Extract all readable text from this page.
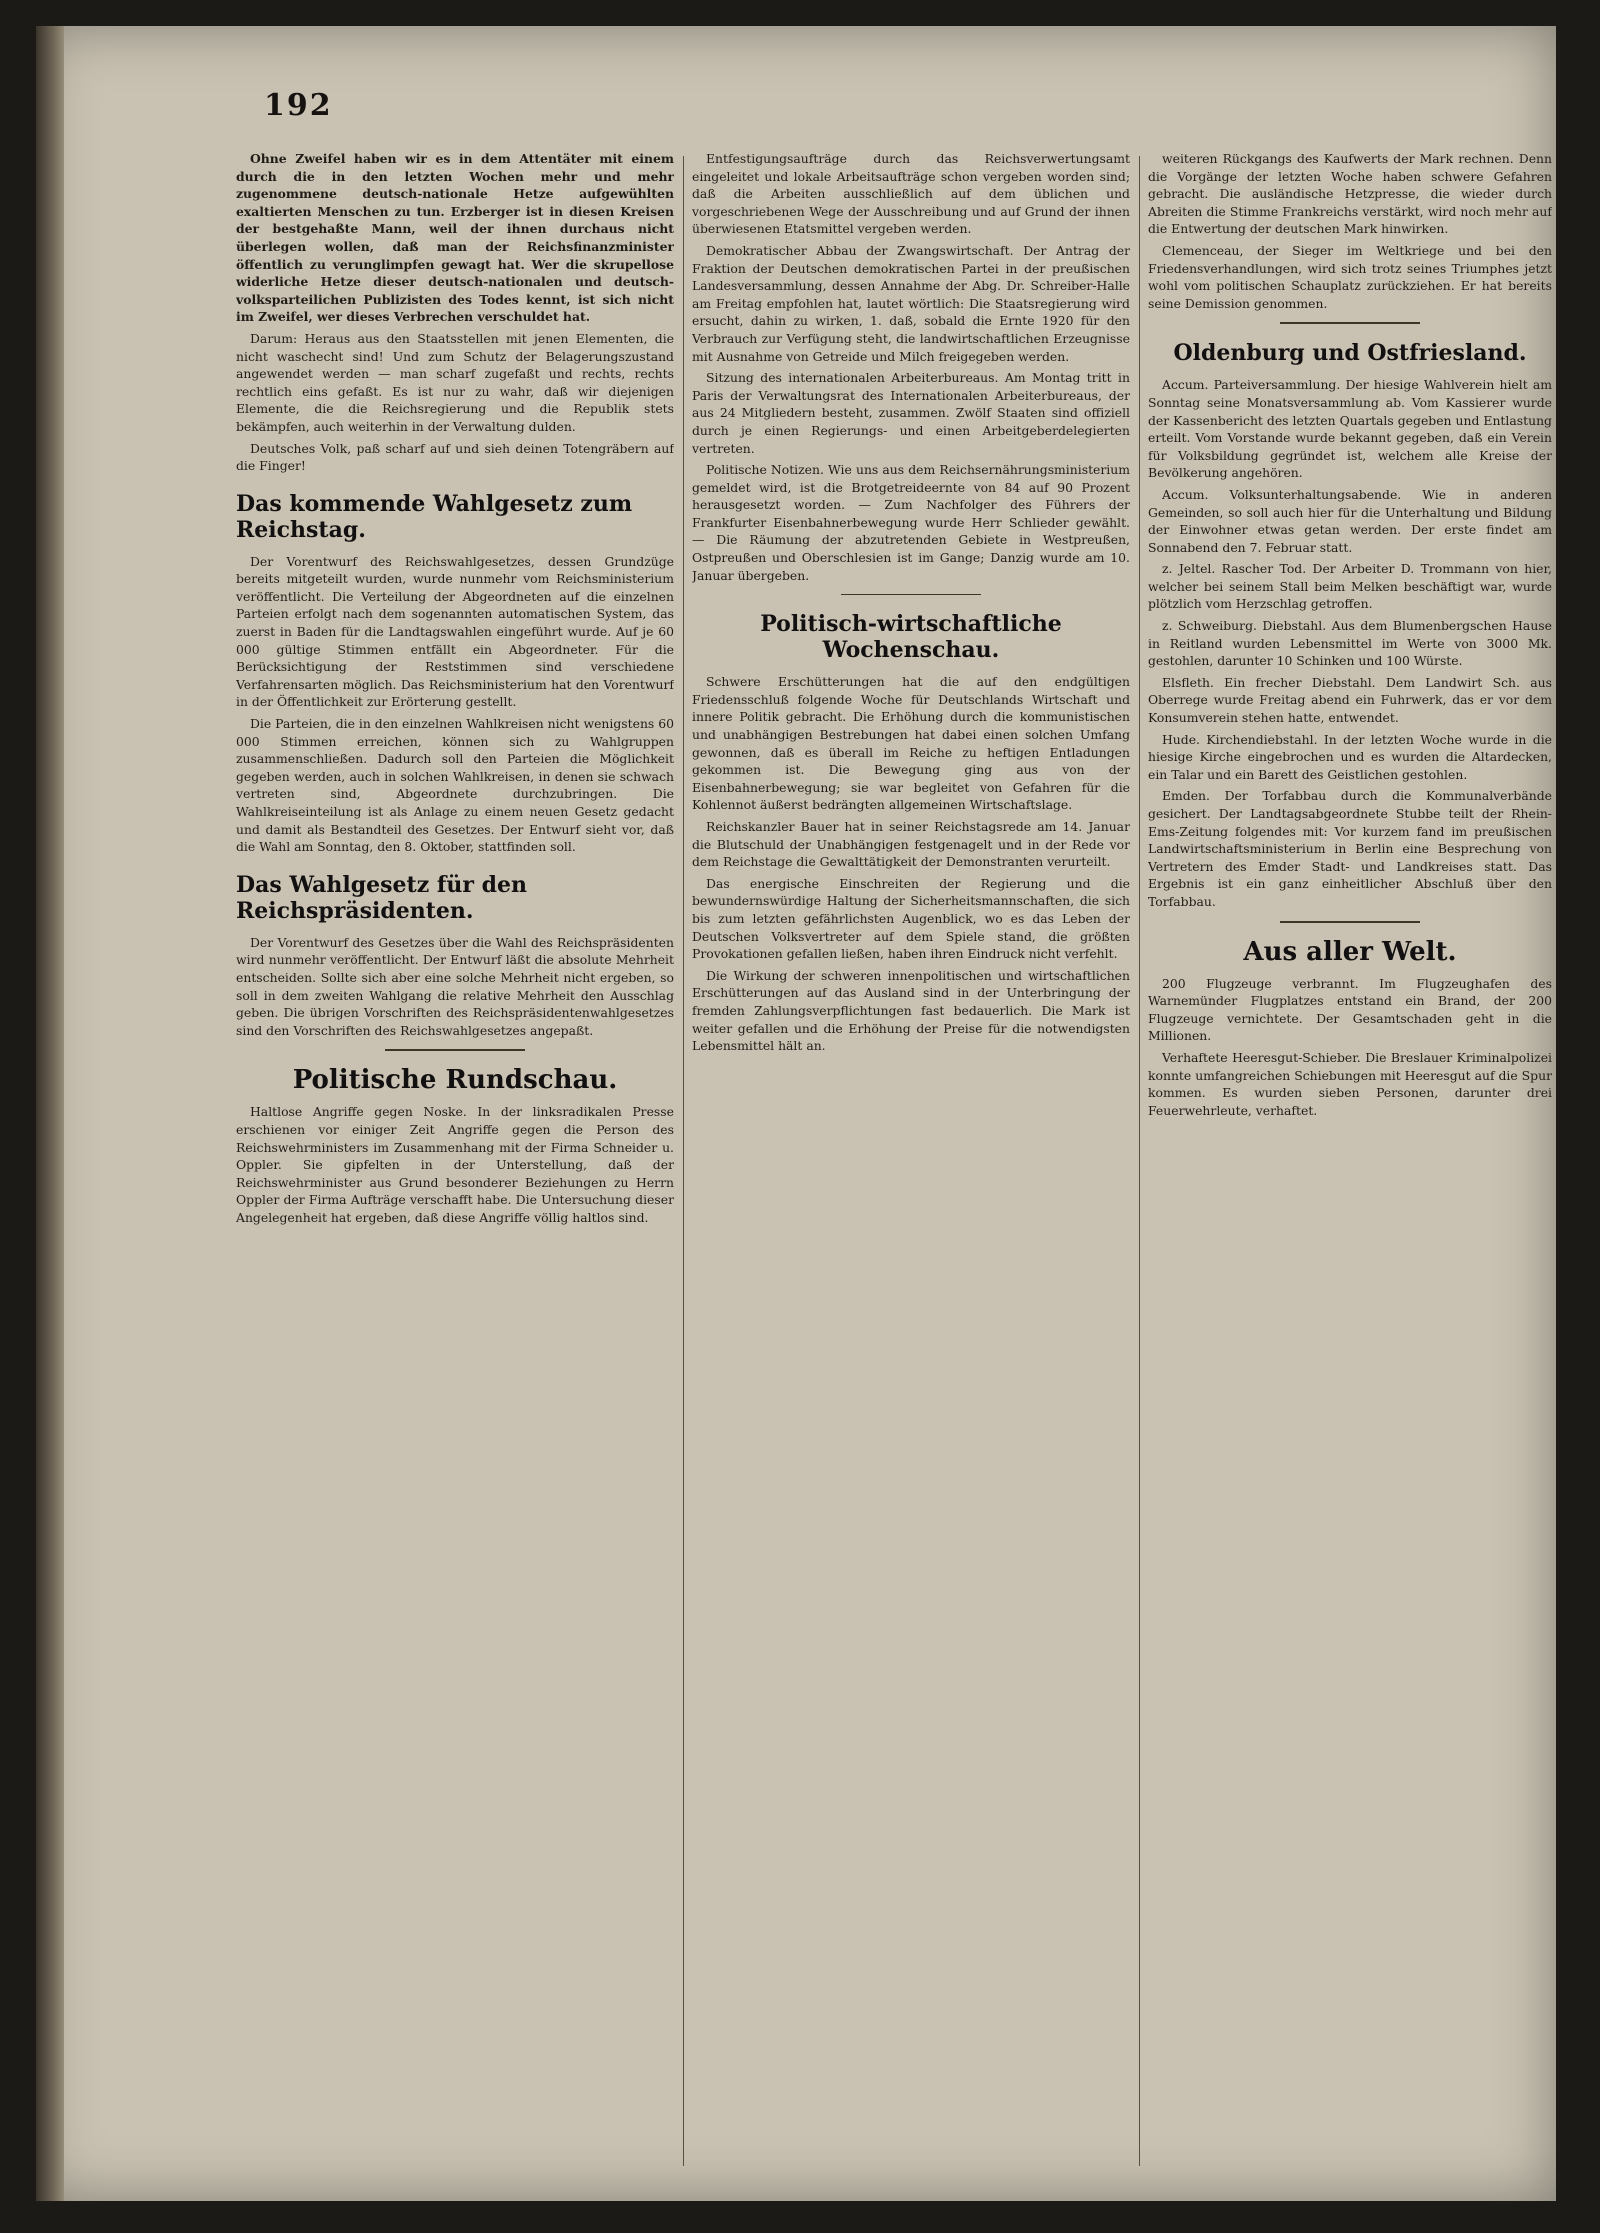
192

Ohne Zweifel haben wir es in dem Attentäter mit einem durch die in den letzten Wochen mehr und mehr zugenommene deutsch-nationale Hetze aufgewühlten exaltierten Menschen zu tun. Erzberger ist in diesen Kreisen der bestgehaßte Mann, weil der ihnen durchaus nicht überlegen wollen, daß man der Reichsfinanzminister öffentlich zu verunglimpfen gewagt hat. Wer die skrupellose widerliche Hetze dieser deutsch-nationalen und deutsch-volksparteilichen Publizisten des Todes kennt, ist sich nicht im Zweifel, wer dieses Verbrechen verschuldet hat.

Darum: Heraus aus den Staatsstellen mit jenen Elementen, die nicht waschecht sind! Und zum Schutz der Belagerungszustand angewendet werden — man scharf zugefaßt und rechts, rechts rechtlich eins gefaßt. Es ist nur zu wahr, daß wir diejenigen Elemente, die die Reichsregierung und die Republik stets bekämpfen, auch weiterhin in der Verwaltung dulden.

Deutsches Volk, paß scharf auf und sieh deinen Totengräbern auf die Finger!

Das kommende Wahlgesetz zum Reichstag.

Der Vorentwurf des Reichswahlgesetzes, dessen Grundzüge bereits mitgeteilt wurden, wurde nunmehr vom Reichsministerium veröffentlicht. Die Verteilung der Abgeordneten auf die einzelnen Parteien erfolgt nach dem sogenannten automatischen System, das zuerst in Baden für die Landtagswahlen eingeführt wurde. Auf je 60 000 gültige Stimmen entfällt ein Abgeordneter. Für die Berücksichtigung der Reststimmen sind verschiedene Verfahrensarten möglich. Das Reichsministerium hat den Vorentwurf in der Öffentlichkeit zur Erörterung gestellt.

Die Parteien, die in den einzelnen Wahlkreisen nicht wenigstens 60 000 Stimmen erreichen, können sich zu Wahlgruppen zusammenschließen. Dadurch soll den Parteien die Möglichkeit gegeben werden, auch in solchen Wahlkreisen, in denen sie schwach vertreten sind, Abgeordnete durchzubringen. Die Wahlkreiseinteilung ist als Anlage zu einem neuen Gesetz gedacht und damit als Bestandteil des Gesetzes. Der Entwurf sieht vor, daß die Wahl am Sonntag, den 8. Oktober, stattfinden soll.

Das Wahlgesetz für den Reichspräsidenten.

Der Vorentwurf des Gesetzes über die Wahl des Reichspräsidenten wird nunmehr veröffentlicht. Der Entwurf läßt die absolute Mehrheit entscheiden. Sollte sich aber eine solche Mehrheit nicht ergeben, so soll in dem zweiten Wahlgang die relative Mehrheit den Ausschlag geben. Die übrigen Vorschriften des Reichspräsidentenwahlgesetzes sind den Vorschriften des Reichswahlgesetzes angepaßt.

Politische Rundschau.

Haltlose Angriffe gegen Noske. In der linksradikalen Presse erschienen vor einiger Zeit Angriffe gegen die Person des Reichswehrministers im Zusammenhang mit der Firma Schneider u. Oppler. Sie gipfelten in der Unterstellung, daß der Reichswehrminister aus Grund besonderer Beziehungen zu Herrn Oppler der Firma Aufträge verschafft habe. Die Untersuchung dieser Angelegenheit hat ergeben, daß diese Angriffe völlig haltlos sind.

Entfestigungsaufträge durch das Reichsverwertungsamt eingeleitet und lokale Arbeitsaufträge schon vergeben worden sind; daß die Arbeiten ausschließlich auf dem üblichen und vorgeschriebenen Wege der Ausschreibung und auf Grund der ihnen überwiesenen Etatsmittel vergeben werden.

Demokratischer Abbau der Zwangswirtschaft. Der Antrag der Fraktion der Deutschen demokratischen Partei in der preußischen Landesversammlung, dessen Annahme der Abg. Dr. Schreiber-Halle am Freitag empfohlen hat, lautet wörtlich: Die Staatsregierung wird ersucht, dahin zu wirken, 1. daß, sobald die Ernte 1920 für den Verbrauch zur Verfügung steht, die landwirtschaftlichen Erzeugnisse mit Ausnahme von Getreide und Milch freigegeben werden.

Sitzung des internationalen Arbeiterbureaus. Am Montag tritt in Paris der Verwaltungsrat des Internationalen Arbeiterbureaus, der aus 24 Mitgliedern besteht, zusammen. Zwölf Staaten sind offiziell durch je einen Regierungs- und einen Arbeitgeberdelegierten vertreten.

Politische Notizen. Wie uns aus dem Reichsernährungsministerium gemeldet wird, ist die Brotgetreideernte von 84 auf 90 Prozent herausgesetzt worden. — Zum Nachfolger des Führers der Frankfurter Eisenbahnerbewegung wurde Herr Schlieder gewählt. — Die Räumung der abzutretenden Gebiete in Westpreußen, Ostpreußen und Oberschlesien ist im Gange; Danzig wurde am 10. Januar übergeben.

Politisch-wirtschaftliche Wochenschau.

Schwere Erschütterungen hat die auf den endgültigen Friedensschluß folgende Woche für Deutschlands Wirtschaft und innere Politik gebracht. Die Erhöhung durch die kommunistischen und unabhängigen Bestrebungen hat dabei einen solchen Umfang gewonnen, daß es überall im Reiche zu heftigen Entladungen gekommen ist. Die Bewegung ging aus von der Eisenbahnerbewegung; sie war begleitet von Gefahren für die Kohlennot äußerst bedrängten allgemeinen Wirtschaftslage.

Reichskanzler Bauer hat in seiner Reichstagsrede am 14. Januar die Blutschuld der Unabhängigen festgenagelt und in der Rede vor dem Reichstage die Gewalttätigkeit der Demonstranten verurteilt.

Das energische Einschreiten der Regierung und die bewundernswürdige Haltung der Sicherheitsmannschaften, die sich bis zum letzten gefährlichsten Augenblick, wo es das Leben der Deutschen Volksvertreter auf dem Spiele stand, die größten Provokationen gefallen ließen, haben ihren Eindruck nicht verfehlt.

Die Wirkung der schweren innenpolitischen und wirtschaftlichen Erschütterungen auf das Ausland sind in der Unterbringung der fremden Zahlungsverpflichtungen fast bedauerlich. Die Mark ist weiter gefallen und die Erhöhung der Preise für die notwendigsten Lebensmittel hält an.

weiteren Rückgangs des Kaufwerts der Mark rechnen. Denn die Vorgänge der letzten Woche haben schwere Gefahren gebracht. Die ausländische Hetzpresse, die wieder durch Abreiten die Stimme Frankreichs verstärkt, wird noch mehr auf die Entwertung der deutschen Mark hinwirken.

Clemenceau, der Sieger im Weltkriege und bei den Friedensverhandlungen, wird sich trotz seines Triumphes jetzt wohl vom politischen Schauplatz zurückziehen. Er hat bereits seine Demission genommen.

Oldenburg und Ostfriesland.

Accum. Parteiversammlung. Der hiesige Wahlverein hielt am Sonntag seine Monatsversammlung ab. Vom Kassierer wurde der Kassenbericht des letzten Quartals gegeben und Entlastung erteilt. Vom Vorstande wurde bekannt gegeben, daß ein Verein für Volksbildung gegründet ist, welchem alle Kreise der Bevölkerung angehören.

Accum. Volksunterhaltungsabende. Wie in anderen Gemeinden, so soll auch hier für die Unterhaltung und Bildung der Einwohner etwas getan werden. Der erste findet am Sonnabend den 7. Februar statt.

z. Jeltel. Rascher Tod. Der Arbeiter D. Trommann von hier, welcher bei seinem Stall beim Melken beschäftigt war, wurde plötzlich vom Herzschlag getroffen.

z. Schweiburg. Diebstahl. Aus dem Blumenbergschen Hause in Reitland wurden Lebensmittel im Werte von 3000 Mk. gestohlen, darunter 10 Schinken und 100 Würste.

Elsfleth. Ein frecher Diebstahl. Dem Landwirt Sch. aus Oberrege wurde Freitag abend ein Fuhrwerk, das er vor dem Konsumverein stehen hatte, entwendet.

Hude. Kirchendiebstahl. In der letzten Woche wurde in die hiesige Kirche eingebrochen und es wurden die Altardecken, ein Talar und ein Barett des Geistlichen gestohlen.

Emden. Der Torfabbau durch die Kommunalverbände gesichert. Der Landtagsabgeordnete Stubbe teilt der Rhein-Ems-Zeitung folgendes mit: Vor kurzem fand im preußischen Landwirtschaftsministerium in Berlin eine Besprechung von Vertretern des Emder Stadt- und Landkreises statt. Das Ergebnis ist ein ganz einheitlicher Abschluß über den Torfabbau.

Aus aller Welt.

200 Flugzeuge verbrannt. Im Flugzeughafen des Warnemünder Flugplatzes entstand ein Brand, der 200 Flugzeuge vernichtete. Der Gesamtschaden geht in die Millionen.

Verhaftete Heeresgut-Schieber. Die Breslauer Kriminalpolizei konnte umfangreichen Schiebungen mit Heeresgut auf die Spur kommen. Es wurden sieben Personen, darunter drei Feuerwehrleute, verhaftet.
